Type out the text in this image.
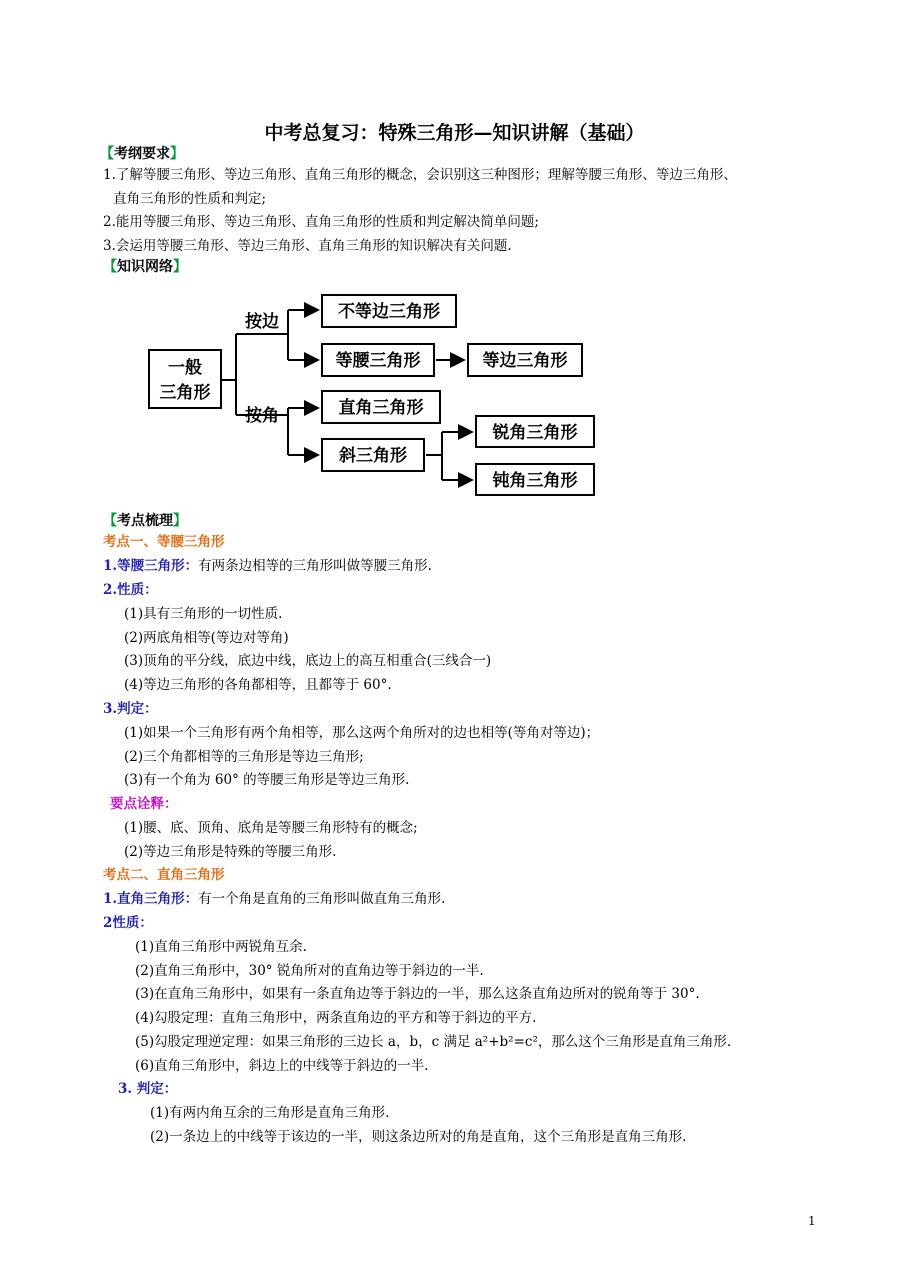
中考总复习：特殊三角形—知识讲解（基础）
【考纲要求】
1.了解等腰三角形、等边三角形、直角三角形的概念，会识别这三种图形；理解等腰三角形、等边三角形、
直角三角形的性质和判定;
2.能用等腰三角形、等边三角形、直角三角形的性质和判定解决简单问题;
3.会运用等腰三角形、等边三角形、直角三角形的知识解决有关问题.
【知识网络】
一般
三角形
按边
按角
不等边三角形
等腰三角形	等边三角形
直角三角形
斜三角形
锐角三角形
钝角三角形
【考点梳理】
考点一、等腰三角形
1.等腰三角形：有两条边相等的三角形叫做等腰三角形.
2.性质：
(1)具有三角形的一切性质.
(2)两底角相等(等边对等角)
(3)顶角的平分线，底边中线，底边上的高互相重合(三线合一)
(4)等边三角形的各角都相等，且都等于 60°.
3.判定：
(1)如果一个三角形有两个角相等，那么这两个角所对的边也相等(等角对等边)；
(2)三个角都相等的三角形是等边三角形;
(3)有一个角为 60° 的等腰三角形是等边三角形.
要点诠释：
(1)腰、底、顶角、底角是等腰三角形特有的概念;
(2)等边三角形是特殊的等腰三角形.
考点二、直角三角形
1.直角三角形：有一个角是直角的三角形叫做直角三角形.
2性质：
(1)直角三角形中两锐角互余.
(2)直角三角形中，30° 锐角所对的直角边等于斜边的一半.
(3)在直角三角形中，如果有一条直角边等于斜边的一半，那么这条直角边所对的锐角等于 30°.
(4)勾股定理：直角三角形中，两条直角边的平方和等于斜边的平方.
(5)勾股定理逆定理：如果三角形的三边长 a，b，c 满足 a²+b²=c²，那么这个三角形是直角三角形.
(6)直角三角形中，斜边上的中线等于斜边的一半.
3. 判定：
(1)有两内角互余的三角形是直角三角形.
(2)一条边上的中线等于该边的一半，则这条边所对的角是直角，这个三角形是直角三角形.
1
